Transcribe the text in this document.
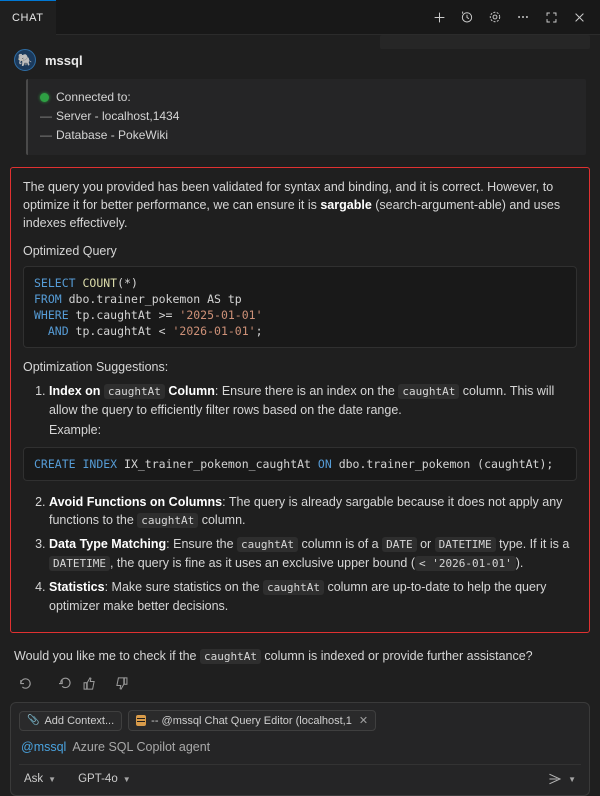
CHAT
🐘 mssql
Connected to:
— Server - localhost,1434
— Database - PokeWiki

The query you provided has been validated for syntax and binding, and it is correct. However, to optimize it for better performance, we can ensure it is sargable (search-argument-able) and uses indexes effectively.

Optimized Query
SELECT COUNT(*)
FROM dbo.trainer_pokemon AS tp
WHERE tp.caughtAt >= '2025-01-01'
AND tp.caughtAt < '2026-01-01';
Optimization Suggestions:
1. Index on caughtAt Column: Ensure there is an index on the caughtAt column. This will allow the query to efficiently filter rows based on the date range.
Example:
CREATE INDEX IX_trainer_pokemon_caughtAt ON dbo.trainer_pokemon (caughtAt);
2. Avoid Functions on Columns: The query is already sargable because it does not apply any functions to the caughtAt column.
3. Data Type Matching: Ensure the caughtAt column is of a DATE or DATETIME type. If it is a DATETIME , the query is fine as it uses an exclusive upper bound ( < '2026-01-01' ).
4. Statistics: Make sure statistics on the caughtAt column are up-to-date to help the query optimizer make better decisions.
Would you like me to check if the caughtAt column is indexed or provide further assistance?
📎 Add Context...	-- @mssql Chat Query Editor (localhost,1 ✕
@mssql Azure SQL Copilot agent
Ask ▼ GPT-4o ▼	▼
